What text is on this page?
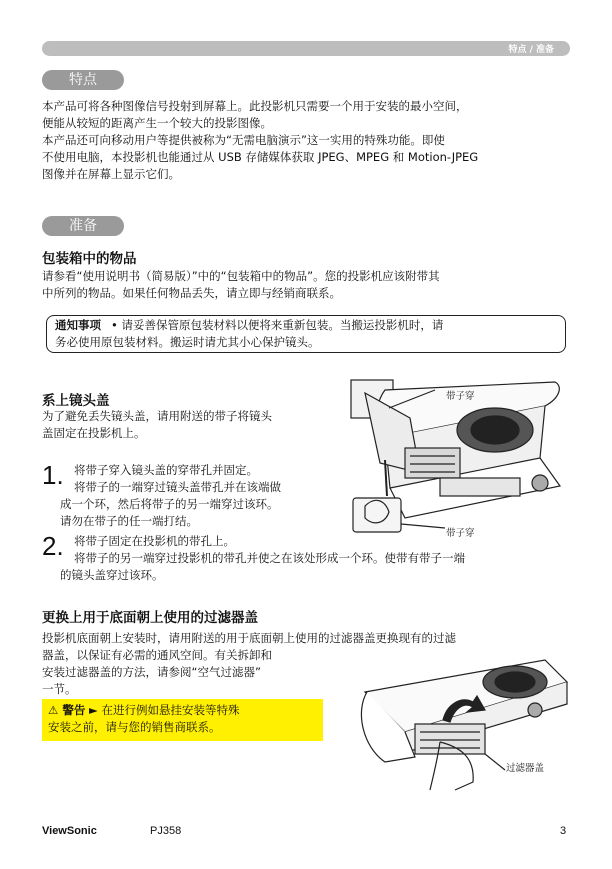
特点 / 准备
特点
本产品可将各种图像信号投射到屏幕上。此投影机只需要一个用于安装的最小空间，
便能从较短的距离产生一个较大的投影图像。
本产品还可向移动用户等提供被称为“无需电脑演示”这一实用的特殊功能。即使
不使用电脑，本投影机也能通过从 USB 存储媒体获取 JPEG、MPEG 和 Motion-JPEG
图像并在屏幕上显示它们。
准备
包装箱中的物品
请参看“使用说明书（简易版）”中的“包装箱中的物品”。您的投影机应该附带其
中所列的物品。如果任何物品丢失，请立即与经销商联系。
通知事项 • 请妥善保管原包装材料以便将来重新包装。当搬运投影机时，请
务必使用原包装材料。搬运时请尤其小心保护镜头。
系上镜头盖
为了避免丢失镜头盖，请用附送的带子将镜头
盖固定在投影机上。
1. 将带子穿入镜头盖的穿带孔并固定。
将带子的一端穿过镜头盖带孔并在该端做
成一个环，然后将带子的另一端穿过该环。
请勿在带子的任一端打结。
2. 将带子固定在投影机的带孔上。
将带子的另一端穿过投影机的带孔并使之在该处形成一个环。使带有带子一端
的镜头盖穿过该环。
带子穿
带子穿
更换上用于底面朝上使用的过滤器盖
投影机底面朝上安装时，请用附送的用于底面朝上使用的过滤器盖更换现有的过滤
器盖，以保证有必需的通风空间。有关拆卸和
安装过滤器盖的方法，请参阅“空气过滤器”
一节。
⚠ 警告 ► 在进行例如悬挂安装等特殊
安装之前，请与您的销售商联系。
过滤器盖
ViewSonic	PJ358	3
